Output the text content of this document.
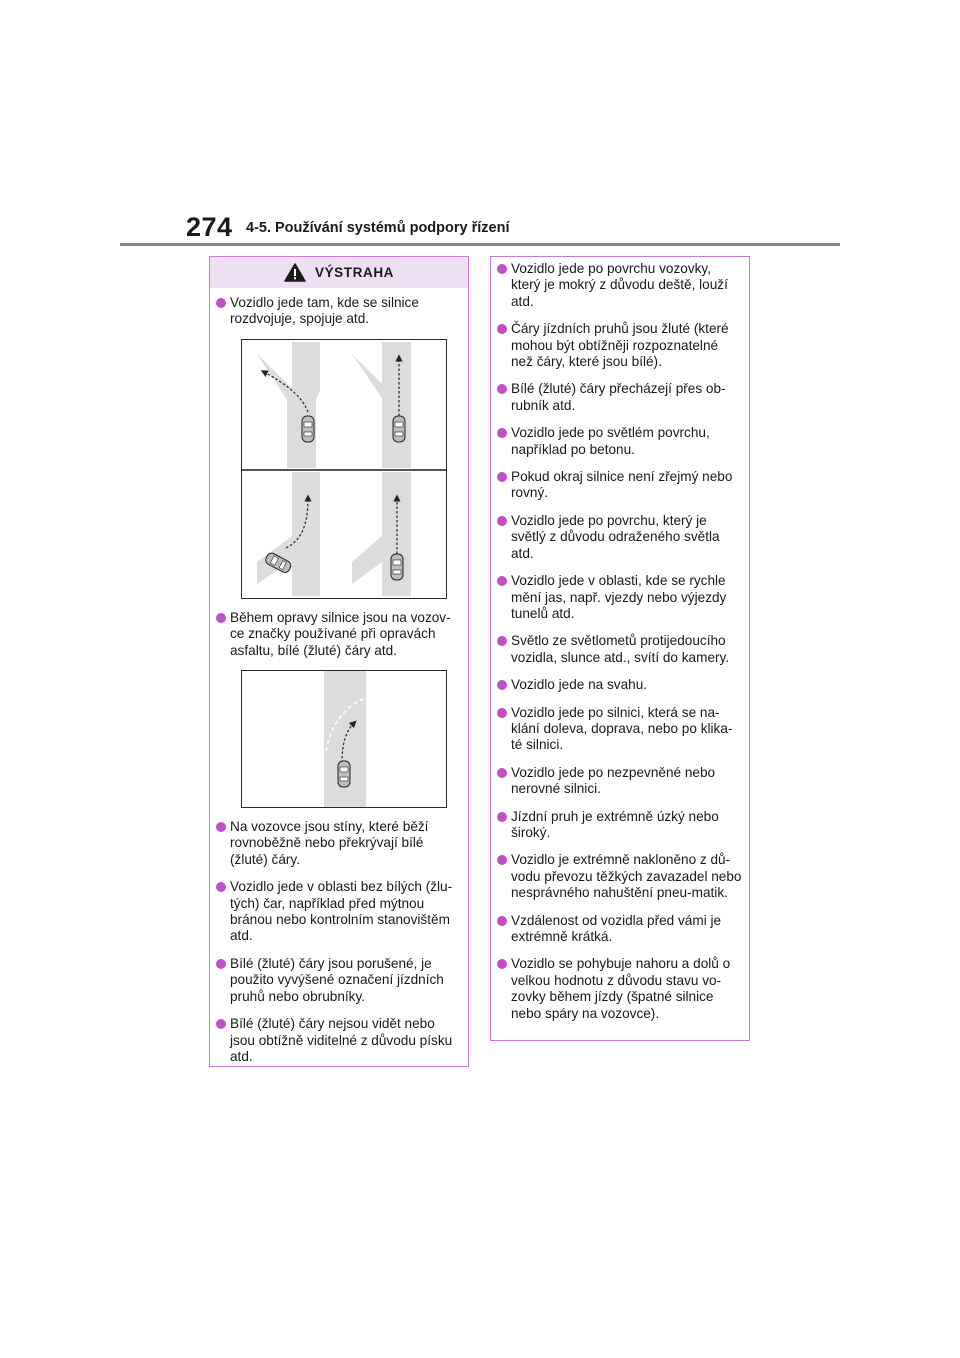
274 4-5. Používání systémů podpory řízení
VÝSTRAHA
Vozidlo jede tam, kde se silnice rozdvojuje, spojuje atd.
Během opravy silnice jsou na vozov-ce značky používané při opravách asfaltu, bílé (žluté) čáry atd.
Na vozovce jsou stíny, které běží rovnoběžně nebo překrývají bílé (žluté) čáry.
Vozidlo jede v oblasti bez bílých (žlu-tých) čar, například před mýtnou bránou nebo kontrolním stanovištěm atd.
Bílé (žluté) čáry jsou porušené, je použito vyvýšené označení jízdních pruhů nebo obrubníky.
Bílé (žluté) čáry nejsou vidět nebo jsou obtížně viditelné z důvodu písku atd.
Vozidlo jede po povrchu vozovky, který je mokrý z důvodu deště, louží atd.
Čáry jízdních pruhů jsou žluté (které mohou být obtížněji rozpoznatelné než čáry, které jsou bílé).
Bílé (žluté) čáry přecházejí přes ob-rubník atd.
Vozidlo jede po světlém povrchu, například po betonu.
Pokud okraj silnice není zřejmý nebo rovný.
Vozidlo jede po povrchu, který je světlý z důvodu odraženého světla atd.
Vozidlo jede v oblasti, kde se rychle mění jas, např. vjezdy nebo výjezdy tunelů atd.
Světlo ze světlometů protijedoucího vozidla, slunce atd., svítí do kamery.
Vozidlo jede na svahu.
Vozidlo jede po silnici, která se na-klání doleva, doprava, nebo po klika-té silnici.
Vozidlo jede po nezpevněné nebo nerovné silnici.
Jízdní pruh je extrémně úzký nebo široký.
Vozidlo je extrémně nakloněno z dů-vodu převozu těžkých zavazadel nebo nesprávného nahuštění pneu-matik.
Vzdálenost od vozidla před vámi je extrémně krátká.
Vozidlo se pohybuje nahoru a dolů o velkou hodnotu z důvodu stavu vo-zovky během jízdy (špatné silnice nebo spáry na vozovce).
